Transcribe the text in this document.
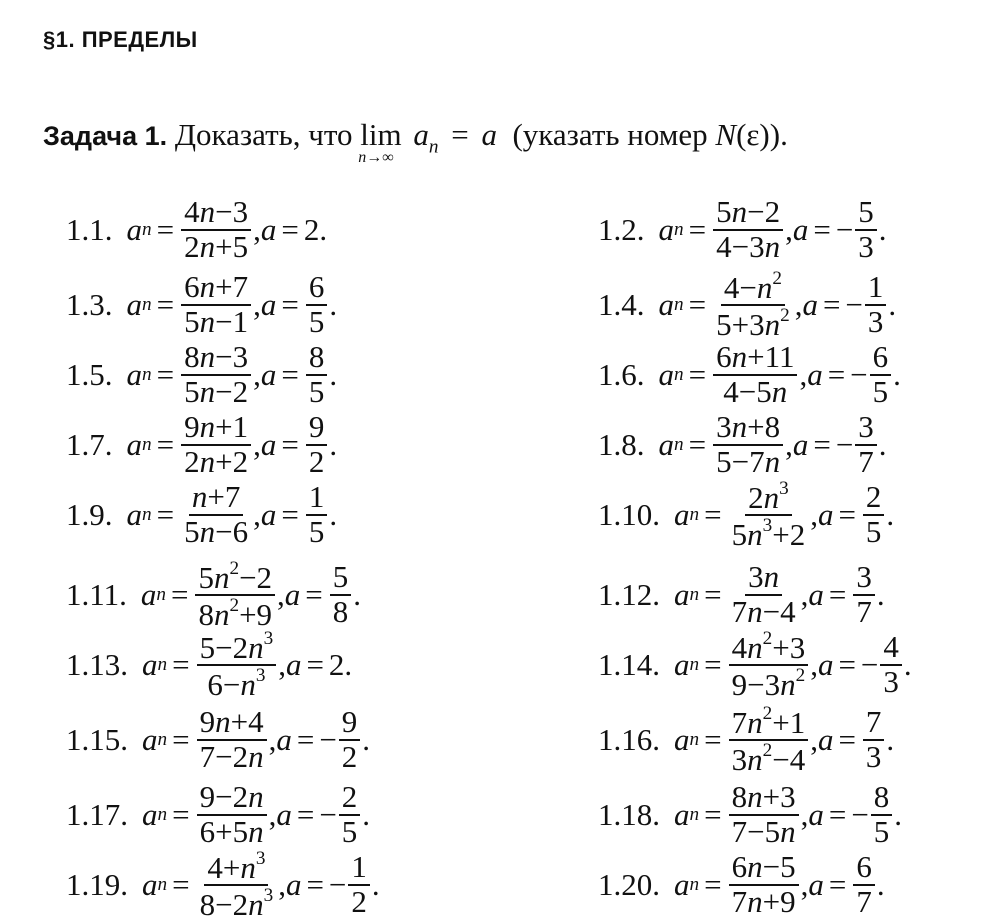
§1. ПРЕДЕЛЫ
Задача 1. Доказать, что lim
n→∞
$a_n = a$ (указать номер N(ε)).
1.1. a $n = \frac{4n-3}{2n+5}$ , a = 2 .	1.2. a $n = \frac{5n-2}{4-3n}$ , a = − $\frac{5}{3}$ .
1.3. a $n = \frac{6n+7}{5n-1}$ , $a = \frac{6}{5}$ .	1.4. a $n = \frac{4-n^2}{5+3n^2}$ , a = − $\frac{1}{3}$ .
1.5. a $n = \frac{8n-3}{5n-2}$ , $a = \frac{8}{5}$ .	1.6. a $n = \frac{6n+11}{4-5n}$ , a = − $\frac{6}{5}$ .
1.7. a $n = \frac{9n+1}{2n+2}$ , $a = \frac{9}{2}$ .	1.8. a $n = \frac{3n+8}{5-7n}$ , a = − $\frac{3}{7}$ .
1.9. a $n = \frac{n+7}{5n-6}$ , $a = \frac{1}{5}$ .	1.10. a $n = \frac{2n^3}{5n^3+2}$ , $a = \frac{2}{5}$ .
1.11. a $n = \frac{5n^2-2}{8n^2+9}$ , $a = \frac{5}{8}$ .	1.12. a $n = \frac{3n}{7n-4}$ , $a = \frac{3}{7}$ .
1.13. a $n = \frac{5-2n^3}{6-n^3}$ , a = 2 .	1.14. a $n = \frac{4n^2+3}{9-3n^2}$ , a = − $\frac{4}{3}$ .
1.15. a $n = \frac{9n+4}{7-2n}$ , a = − $\frac{9}{2}$ .	1.16. a $n = \frac{7n^2+1}{3n^2-4}$ , $a = \frac{7}{3}$ .
1.17. a $n = \frac{9-2n}{6+5n}$ , a = − $\frac{2}{5}$ .	1.18. a $n = \frac{8n+3}{7-5n}$ , a = − $\frac{8}{5}$ .
1.19. a $n = \frac{4+n^3}{8-2n^3}$ , a = − $\frac{1}{2}$ .	1.20. a $n = \frac{6n-5}{7n+9}$ , $a = \frac{6}{7}$ .
